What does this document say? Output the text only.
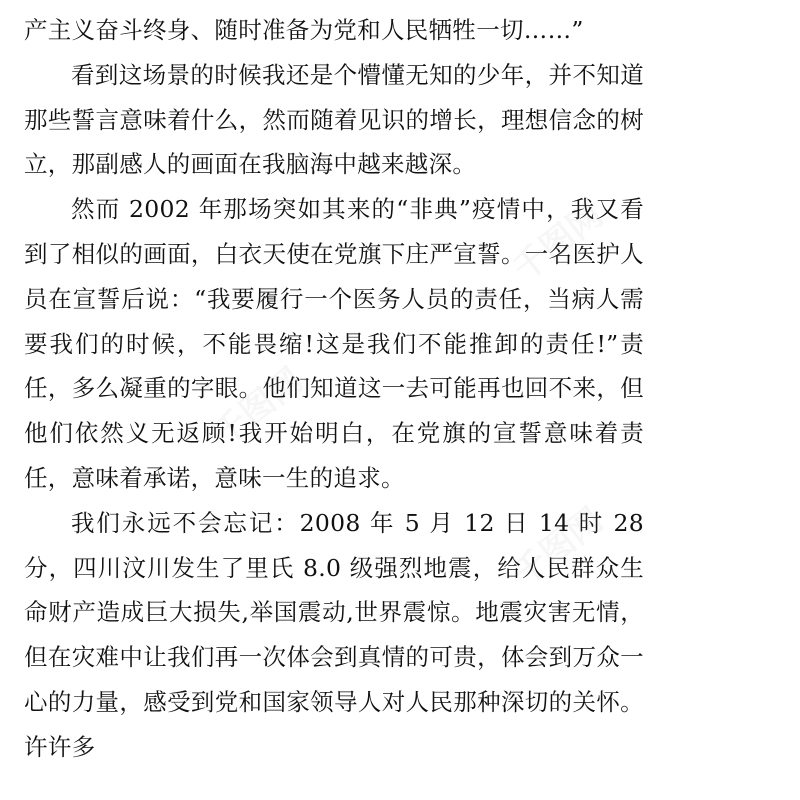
产主义奋斗终身、随时准备为党和人民牺牲一切……”

看到这场景的时候我还是个懵懂无知的少年，并不知道那些誓言意味着什么，然而随着见识的增长，理想信念的树立，那副感人的画面在我脑海中越来越深。

然而 2002 年那场突如其来的“非典”疫情中，我又看到了相似的画面，白衣天使在党旗下庄严宣誓。一名医护人员在宣誓后说：“我要履行一个医务人员的责任，当病人需要我们的时候，不能畏缩!这是我们不能推卸的责任!”责任，多么凝重的字眼。他们知道这一去可能再也回不来，但他们依然义无返顾!我开始明白，在党旗的宣誓意味着责任，意味着承诺，意味一生的追求。

我们永远不会忘记：2008 年 5 月 12 日 14 时 28 分，四川汶川发生了里氏 8.0 级强烈地震，给人民群众生命财产造成巨大损失,举国震动,世界震惊。地震灾害无情，但在灾难中让我们再一次体会到真情的可贵，体会到万众一心的力量，感受到党和国家领导人对人民那种深切的关怀。许许多

千图网
千图网
千图网
